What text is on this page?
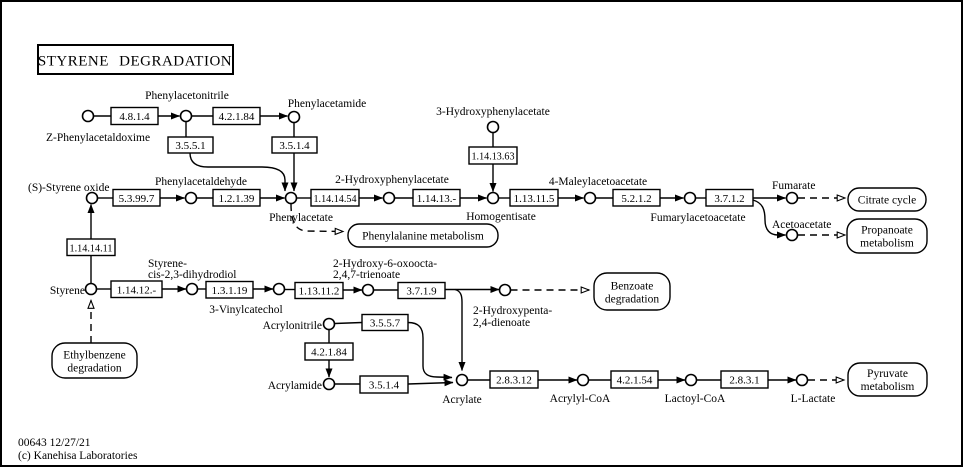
STYRENE DEGRADATION
4.8.1.4	4.2.1.84
3.5.5.1	3.5.1.4
1.14.13.63
5.3.99.7	1.2.1.39	1.14.14.54	1.14.13.-	1.13.11.5	5.2.1.2	3.7.1.2
1.14.14.11
1.14.12.-	1.3.1.19	1.13.11.2	3.7.1.9
3.5.5.7
4.2.1.84
3.5.1.4	2.8.3.12	4.2.1.54	2.8.3.1
Z-Phenylacetaldoxime
Phenylacetonitrile
Phenylacetamide
3-Hydroxyphenylacetate
(S)-Styrene oxide	Phenylacetaldehyde
Phenylacetate
2-Hydroxyphenylacetate
Homogentisate
4-Maleylacetoacetate
Fumarylacetoacetate
Fumarate
Acetoacetate
Styrene
Styrene-
cis-2,3-dihydrodiol
3-Vinylcatechol
2-Hydroxy-6-oxoocta-
2,4,7-trienoate
2-Hydroxypenta-
2,4-dienoate
Acrylonitrile
Acrylamide
Acrylate	Acrylyl-CoA	Lactoyl-CoA	L-Lactate
Citrate cycle
Propanoate
metabolism
Phenylalanine metabolism
Benzoate
degradation
Ethylbenzene
degradation	Pyruvate
metabolism
00643 12/27/21
(c) Kanehisa Laboratories
